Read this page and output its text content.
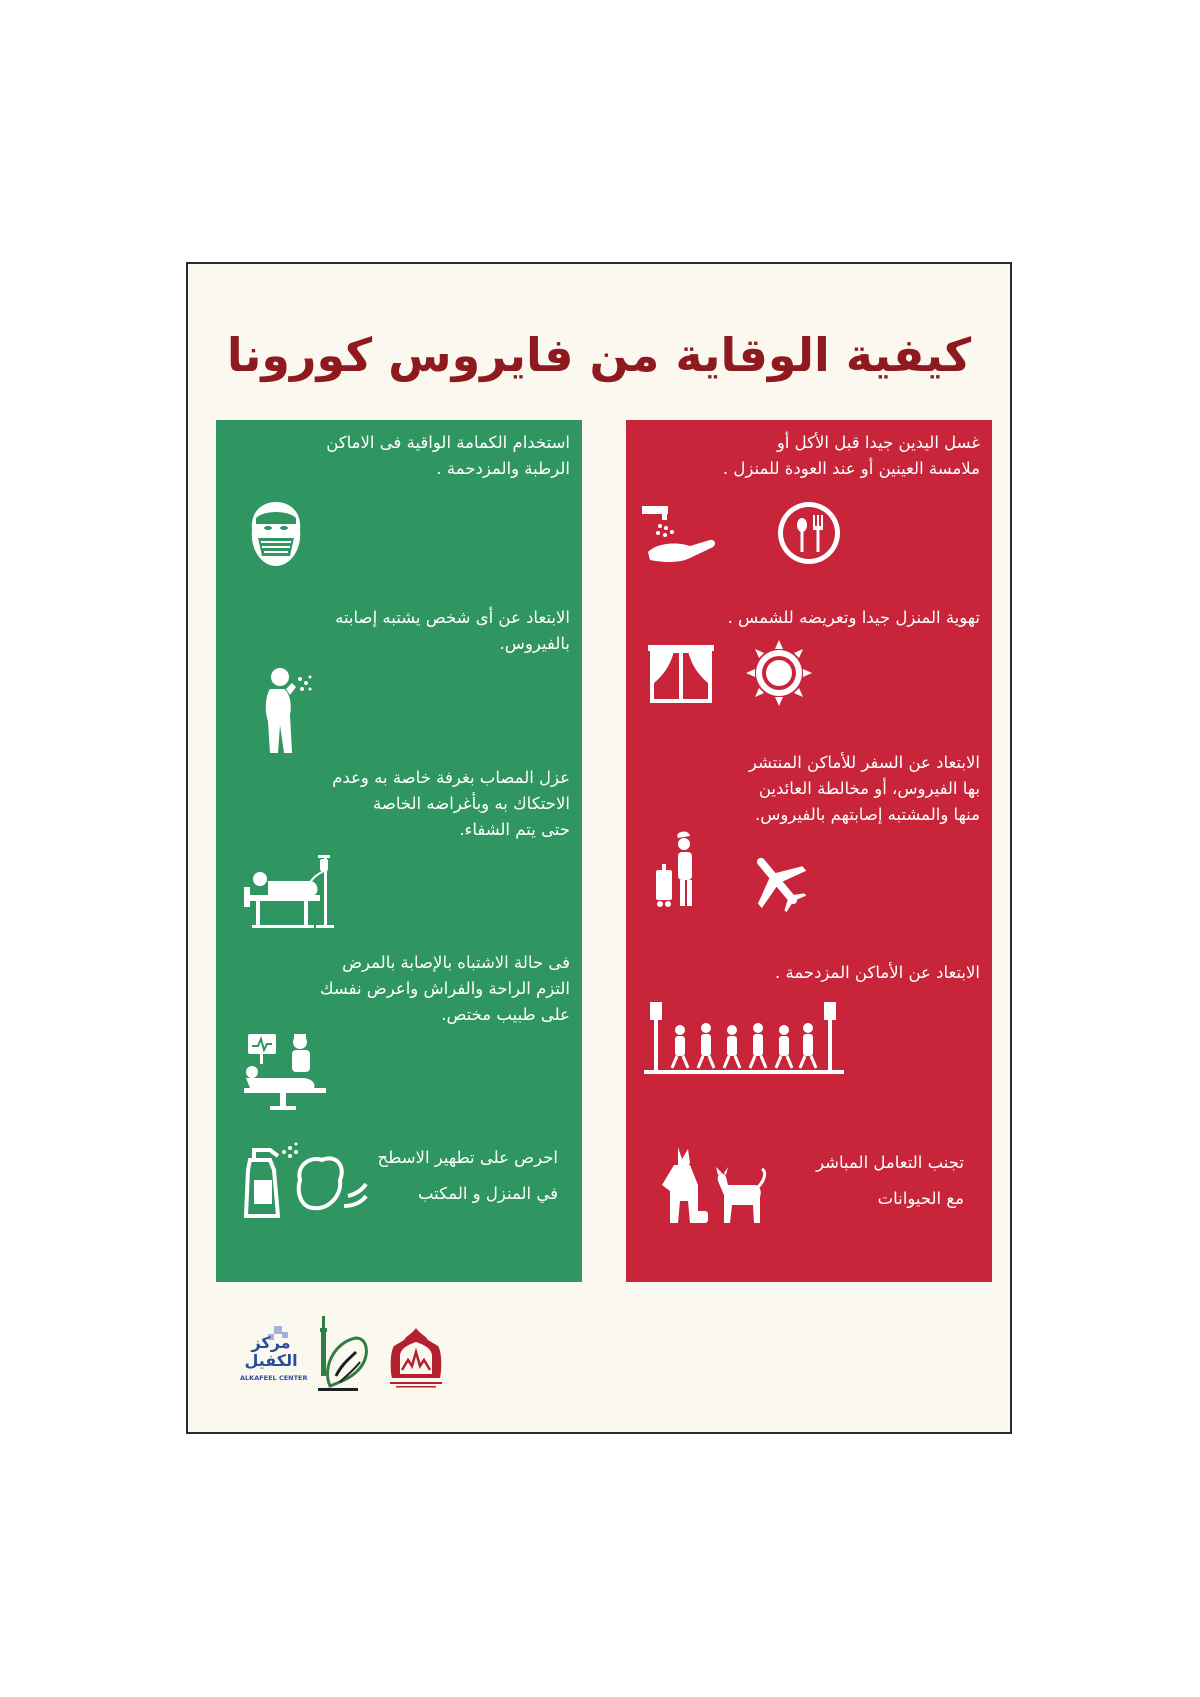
كيفية الوقاية من فايروس كورونا
غسل اليدين جيدا قبل الأكل أو
ملامسة العينين أو عند العودة للمنزل .
تهوية المنزل جيدا وتعريضه للشمس .
الابتعاد عن السفر للأماكن المنتشر
بها الفيروس، أو مخالطة العائدين
منها والمشتبه إصابتهم بالفيروس.
الابتعاد عن الأماكن المزدحمة .
تجنب التعامل المباشر
مع الحيوانات
استخدام الكمامة الواقية فى الاماكن
الرطبة والمزدحمة .
الابتعاد عن أى شخص يشتبه إصابته
بالفيروس.
عزل المصاب بغرفة خاصة به وعدم
الاحتكاك به وبأغراضه الخاصة
حتى يتم الشفاء.
فى حالة الاشتباه بالإصابة بالمرض
التزم الراحة والفراش واعرض نفسك
على طبيب مختص.
احرص على تطهير الاسطح
في المنزل و المكتب
مركز
الكفيل
ALKAFEEL CENTER
